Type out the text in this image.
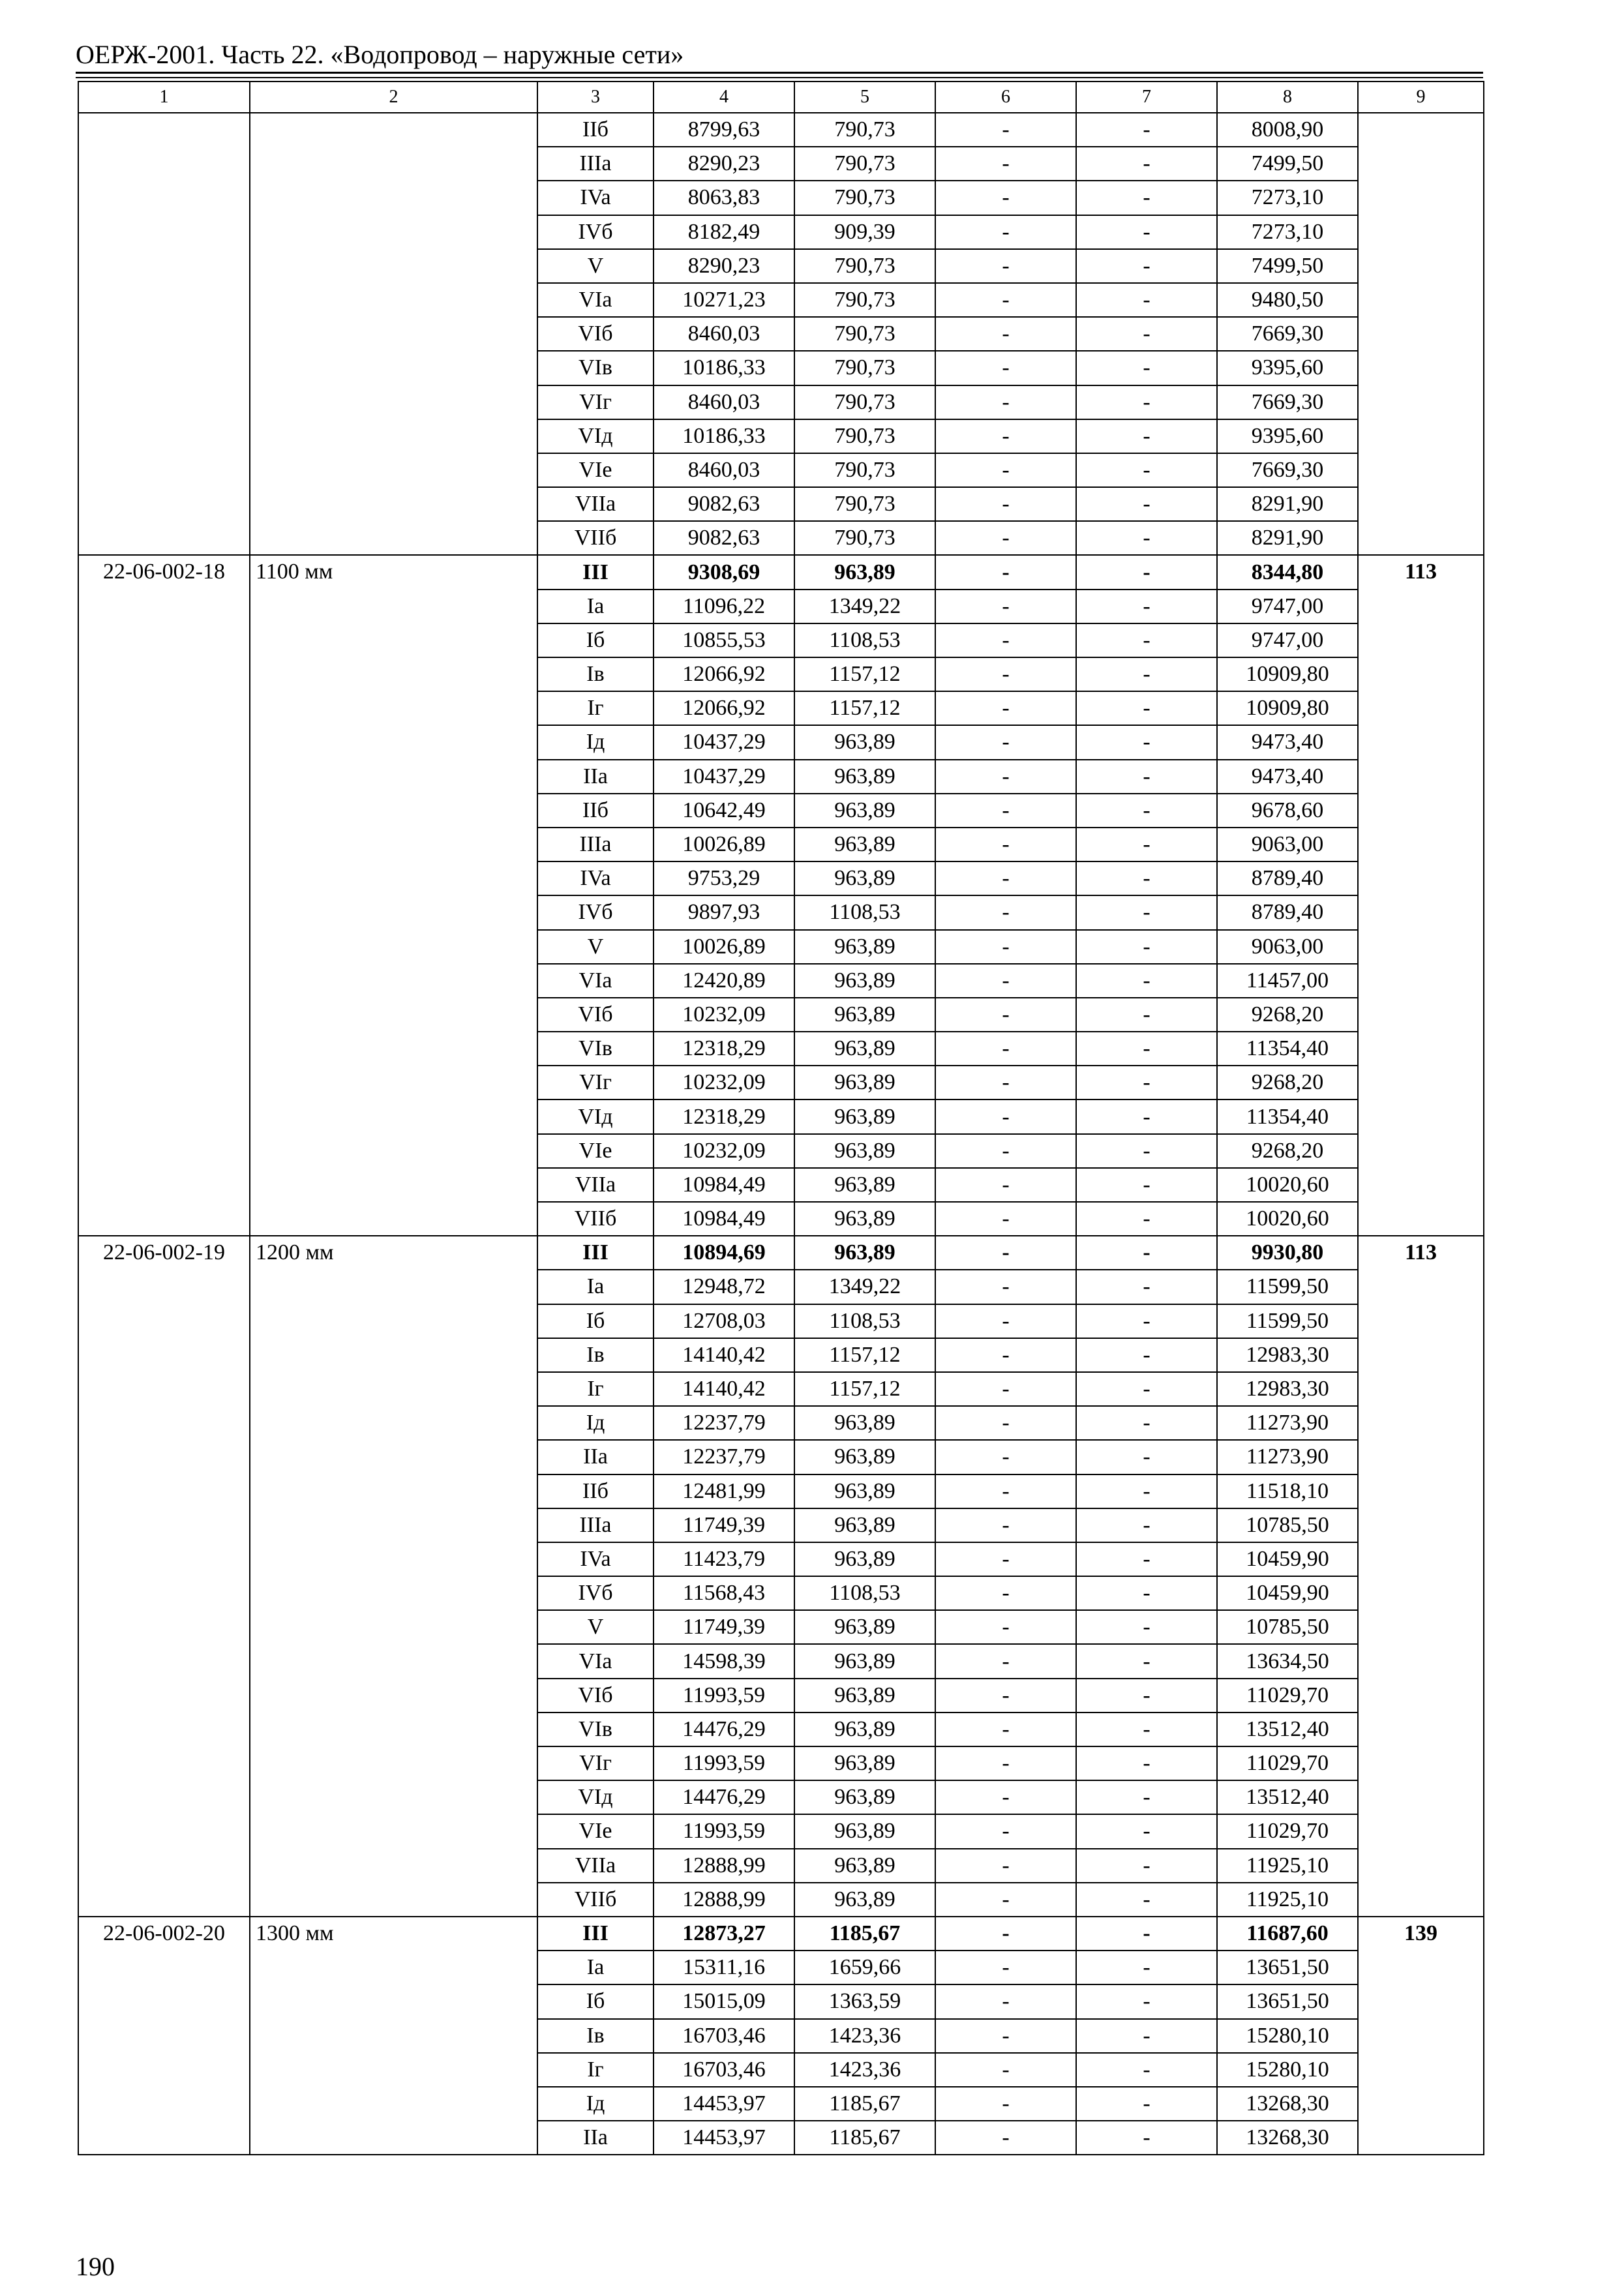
ОЕРЖ-2001. Часть 22. «Водопровод – наружные сети»
1	2	3	4	5	6	7	8	9
		IIб	8799,63	790,73	-	-	8008,90	
		IIIa	8290,23	790,73	-	-	7499,50	
		IVa	8063,83	790,73	-	-	7273,10	
		IVб	8182,49	909,39	-	-	7273,10	
		V	8290,23	790,73	-	-	7499,50	
		VIa	10271,23	790,73	-	-	9480,50	
		VIб	8460,03	790,73	-	-	7669,30	
		VIв	10186,33	790,73	-	-	9395,60	
		VIг	8460,03	790,73	-	-	7669,30	
		VIд	10186,33	790,73	-	-	9395,60	
		VIe	8460,03	790,73	-	-	7669,30	
		VIIa	9082,63	790,73	-	-	8291,90	
		VIIб	9082,63	790,73	-	-	8291,90	
22-06-002-18	1100 мм	III	9308,69	963,89	-	-	8344,80	113
		Ia	11096,22	1349,22	-	-	9747,00	
		Iб	10855,53	1108,53	-	-	9747,00	
		Iв	12066,92	1157,12	-	-	10909,80	
		Iг	12066,92	1157,12	-	-	10909,80	
		Iд	10437,29	963,89	-	-	9473,40	
		IIa	10437,29	963,89	-	-	9473,40	
		IIб	10642,49	963,89	-	-	9678,60	
		IIIa	10026,89	963,89	-	-	9063,00	
		IVa	9753,29	963,89	-	-	8789,40	
		IVб	9897,93	1108,53	-	-	8789,40	
		V	10026,89	963,89	-	-	9063,00	
		VIa	12420,89	963,89	-	-	11457,00	
		VIб	10232,09	963,89	-	-	9268,20	
		VIв	12318,29	963,89	-	-	11354,40	
		VIг	10232,09	963,89	-	-	9268,20	
		VIд	12318,29	963,89	-	-	11354,40	
		VIe	10232,09	963,89	-	-	9268,20	
		VIIa	10984,49	963,89	-	-	10020,60	
		VIIб	10984,49	963,89	-	-	10020,60	
22-06-002-19	1200 мм	III	10894,69	963,89	-	-	9930,80	113
		Ia	12948,72	1349,22	-	-	11599,50	
		Iб	12708,03	1108,53	-	-	11599,50	
		Iв	14140,42	1157,12	-	-	12983,30	
		Iг	14140,42	1157,12	-	-	12983,30	
		Iд	12237,79	963,89	-	-	11273,90	
		IIa	12237,79	963,89	-	-	11273,90	
		IIб	12481,99	963,89	-	-	11518,10	
		IIIa	11749,39	963,89	-	-	10785,50	
		IVa	11423,79	963,89	-	-	10459,90	
		IVб	11568,43	1108,53	-	-	10459,90	
		V	11749,39	963,89	-	-	10785,50	
		VIa	14598,39	963,89	-	-	13634,50	
		VIб	11993,59	963,89	-	-	11029,70	
		VIв	14476,29	963,89	-	-	13512,40	
		VIг	11993,59	963,89	-	-	11029,70	
		VIд	14476,29	963,89	-	-	13512,40	
		VIe	11993,59	963,89	-	-	11029,70	
		VIIa	12888,99	963,89	-	-	11925,10	
		VIIб	12888,99	963,89	-	-	11925,10	
22-06-002-20	1300 мм	III	12873,27	1185,67	-	-	11687,60	139
		Ia	15311,16	1659,66	-	-	13651,50	
		Iб	15015,09	1363,59	-	-	13651,50	
		Iв	16703,46	1423,36	-	-	15280,10	
		Iг	16703,46	1423,36	-	-	15280,10	
		Iд	14453,97	1185,67	-	-	13268,30	
		IIa	14453,97	1185,67	-	-	13268,30	
190
